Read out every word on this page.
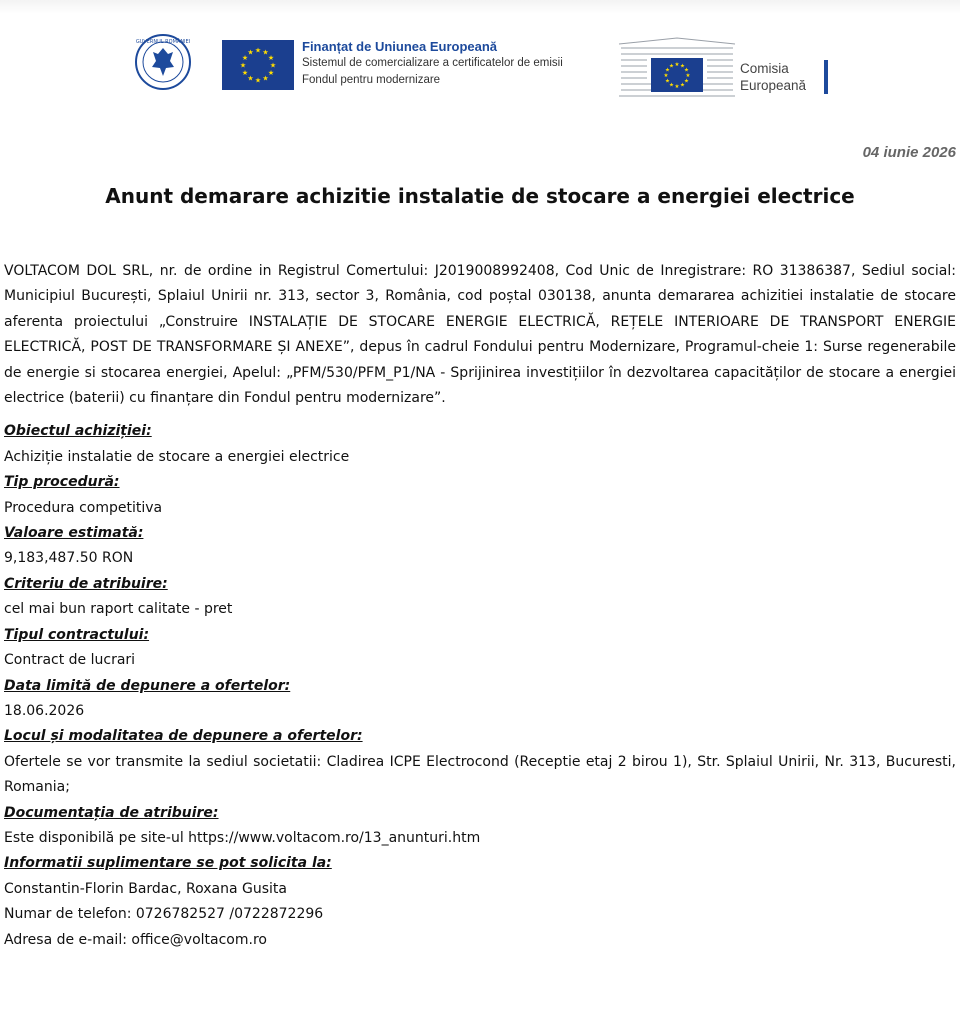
GUVERNUL ROMÂNIEI
★ ★
★
★
★
★
★
★
★
★
★
★	Finanțat de Uniunea Europeană
Sistemul de comercializare a certificatelor de emisii
Fondul pentru modernizare
★ ★
★
★
★
★
★
★
★
★
★
★	Comisia
Europeană
04 iunie 2026
Anunt demarare achizitie instalatie de stocare a energiei electrice

VOLTACOM DOL SRL, nr. de ordine in Registrul Comertului: J2019008992408, Cod Unic de Inregistrare: RO 31386387, Sediul social: Municipiul București, Splaiul Unirii nr. 313, sector 3, România, cod poștal 030138, anunta demararea achizitiei instalatie de stocare aferenta proiectului „Construire INSTALAȚIE DE STOCARE ENERGIE ELECTRICĂ, REȚELE INTERIOARE DE TRANSPORT ENERGIE ELECTRICĂ, POST DE TRANSFORMARE ȘI ANEXE”, depus în cadrul Fondului pentru Modernizare, Programul-cheie 1: Surse regenerabile de energie si stocarea energiei, Apelul: „PFM/530/PFM_P1/NA - Sprijinirea investițiilor în dezvoltarea capacităților de stocare a energiei electrice (baterii) cu finanțare din Fondul pentru modernizare”.

Obiectul achiziției:
Achiziție instalatie de stocare a energiei electrice
Tip procedură:
Procedura competitiva
Valoare estimată:
9,183,487.50 RON
Criteriu de atribuire:
cel mai bun raport calitate - pret
Tipul contractului:
Contract de lucrari
Data limită de depunere a ofertelor:
18.06.2026
Locul și modalitatea de depunere a ofertelor:
Ofertele se vor transmite la sediul societatii: Cladirea ICPE Electrocond (Receptie etaj 2 birou 1), Str. Splaiul Unirii, Nr. 313, Bucuresti, Romania;
Documentația de atribuire:
Este disponibilă pe site-ul https://www.voltacom.ro/13_anunturi.htm
Informatii suplimentare se pot solicita la:
Constantin-Florin Bardac, Roxana Gusita
Numar de telefon: 0726782527 /0722872296
Adresa de e-mail: office@voltacom.ro
